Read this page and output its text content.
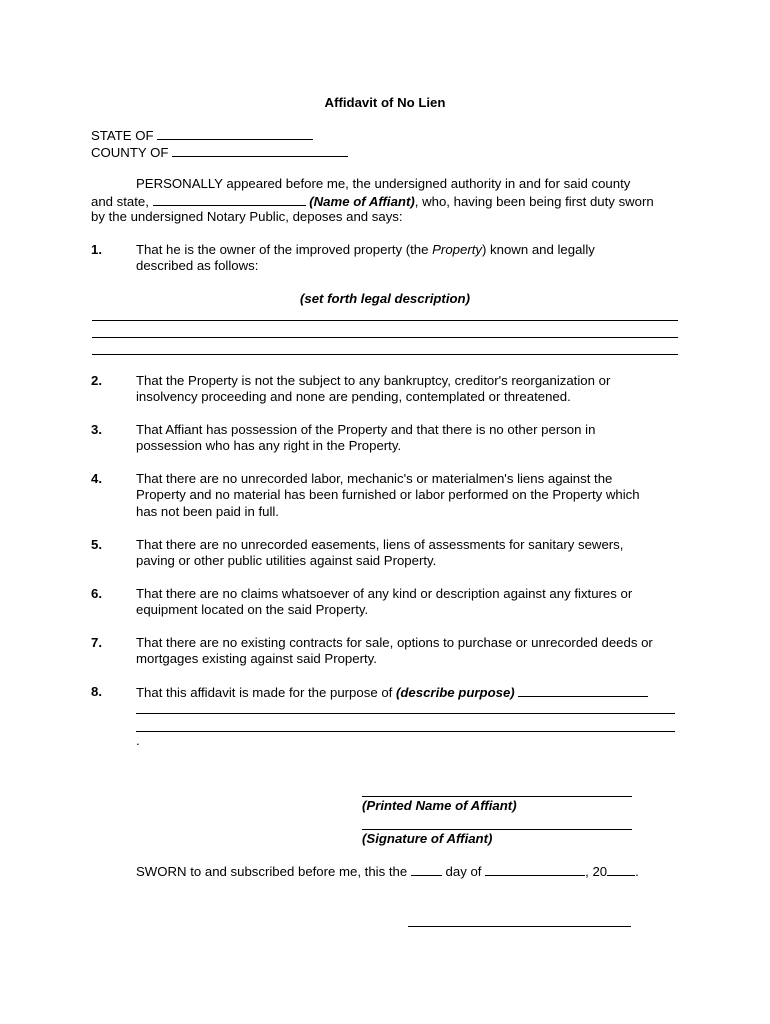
Affidavit of No Lien
STATE OF
COUNTY OF
PERSONALLY appeared before me, the undersigned authority in and for said county
and state,	(Name of Affiant), who, having been being first duty sworn
by the undersigned Notary Public, deposes and says:
1.	That he is the owner of the improved property (the Property) known and legally
described as follows:
(set forth legal description)
2.	That the Property is not the subject to any bankruptcy, creditor's reorganization or
insolvency proceeding and none are pending, contemplated or threatened.
3.	That Affiant has possession of the Property and that there is no other person in
possession who has any right in the Property.
4.	That there are no unrecorded labor, mechanic's or materialmen's liens against the
Property and no material has been furnished or labor performed on the Property which
has not been paid in full.
5.	That there are no unrecorded easements, liens of assessments for sanitary sewers,
paving or other public utilities against said Property.
6.	That there are no claims whatsoever of any kind or description against any fixtures or
equipment located on the said Property.
7.	That there are no existing contracts for sale, options to purchase or unrecorded deeds or
mortgages existing against said Property.
8.	That this affidavit is made for the purpose of (describe purpose)
.
(Printed Name of Affiant)
(Signature of Affiant)
SWORN to and subscribed before me, this the  day of	, 20 .
